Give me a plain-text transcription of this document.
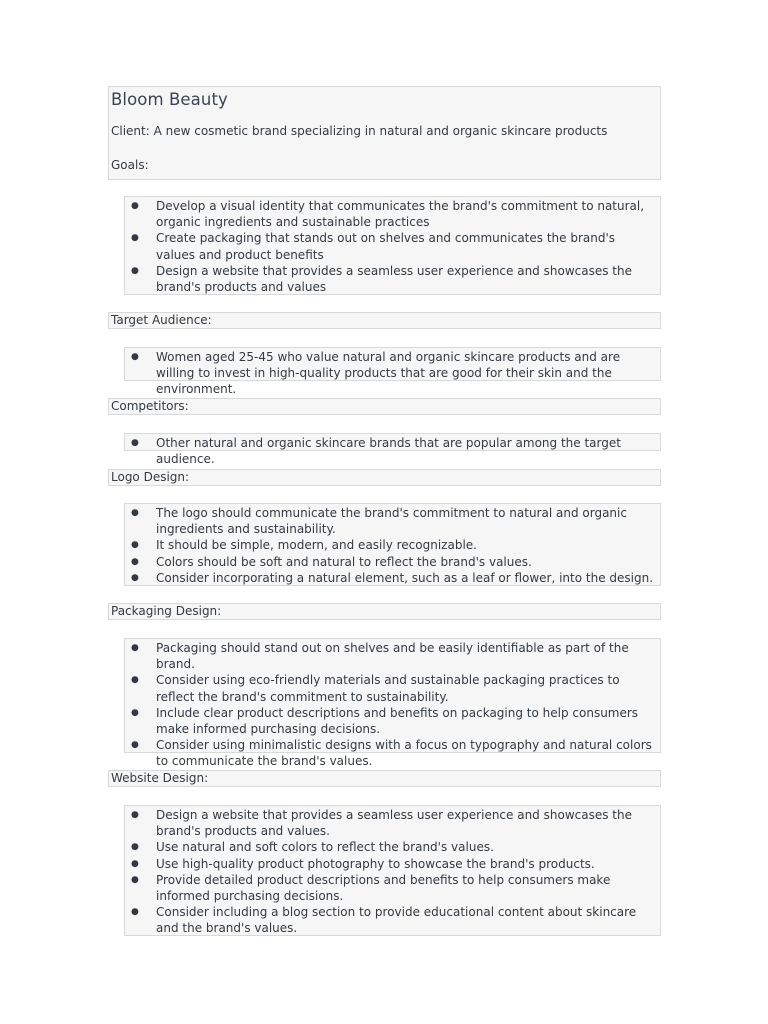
Bloom Beauty
Client: A new cosmetic brand specializing in natural and organic skincare products
Goals:
● Develop a visual identity that communicates the brand's commitment to natural, organic ingredients and sustainable practices
● Create packaging that stands out on shelves and communicates the brand's values and product benefits
● Design a website that provides a seamless user experience and showcases the brand's products and values
Target Audience:
● Women aged 25-45 who value natural and organic skincare products and are willing to invest in high-quality products that are good for their skin and the environment.
Competitors:
● Other natural and organic skincare brands that are popular among the target audience.
Logo Design:
● The logo should communicate the brand's commitment to natural and organic ingredients and sustainability.
● It should be simple, modern, and easily recognizable.
● Colors should be soft and natural to reflect the brand's values.
● Consider incorporating a natural element, such as a leaf or flower, into the design.
Packaging Design:
● Packaging should stand out on shelves and be easily identifiable as part of the brand.
● Consider using eco-friendly materials and sustainable packaging practices to reflect the brand's commitment to sustainability.
● Include clear product descriptions and benefits on packaging to help consumers make informed purchasing decisions.
● Consider using minimalistic designs with a focus on typography and natural colors to communicate the brand's values.
Website Design:
● Design a website that provides a seamless user experience and showcases the brand's products and values.
● Use natural and soft colors to reflect the brand's values.
● Use high-quality product photography to showcase the brand's products.
● Provide detailed product descriptions and benefits to help consumers make informed purchasing decisions.
● Consider including a blog section to provide educational content about skincare and the brand's values.
